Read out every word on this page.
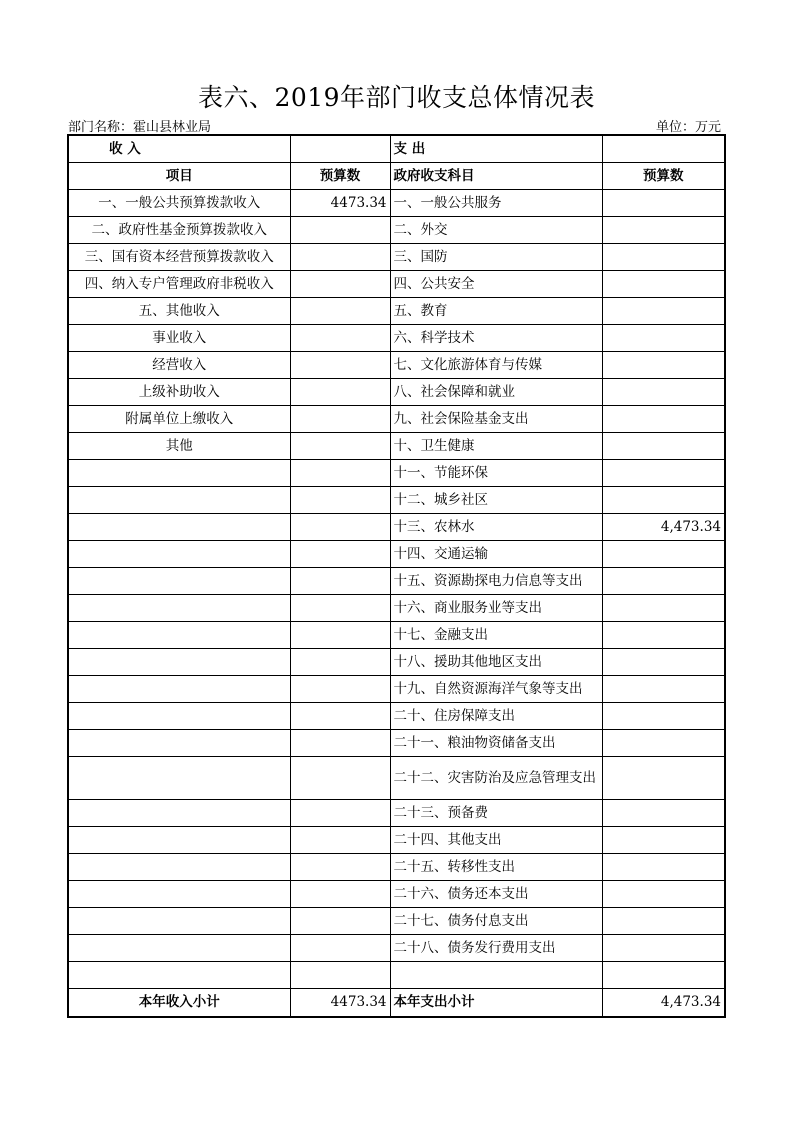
表六、2019年部门收支总体情况表
部门名称：霍山县林业局	单位：万元
收 入		支 出	
项目	预算数	政府收支科目	预算数
一、一般公共预算拨款收入	4473.34	一、一般公共服务	
二、政府性基金预算拨款收入		二、外交	
三、国有资本经营预算拨款收入		三、国防	
四、纳入专户管理政府非税收入		四、公共安全	
五、其他收入		五、教育	
事业收入		六、科学技术	
经营收入		七、文化旅游体育与传媒	
上级补助收入		八、社会保障和就业	
附属单位上缴收入		九、社会保险基金支出	
其他		十、卫生健康	
		十一、节能环保	
		十二、城乡社区	
		十三、农林水	4,473.34
		十四、交通运输	
		十五、资源勘探电力信息等支出	
		十六、商业服务业等支出	
		十七、金融支出	
		十八、援助其他地区支出	
		十九、自然资源海洋气象等支出	
		二十、住房保障支出	
		二十一、粮油物资储备支出	
		二十二、灾害防治及应急管理支出	
		二十三、预备费	
		二十四、其他支出	
		二十五、转移性支出	
		二十六、债务还本支出	
		二十七、债务付息支出	
		二十八、债务发行费用支出	

本年收入小计	4473.34	本年支出小计	4,473.34
